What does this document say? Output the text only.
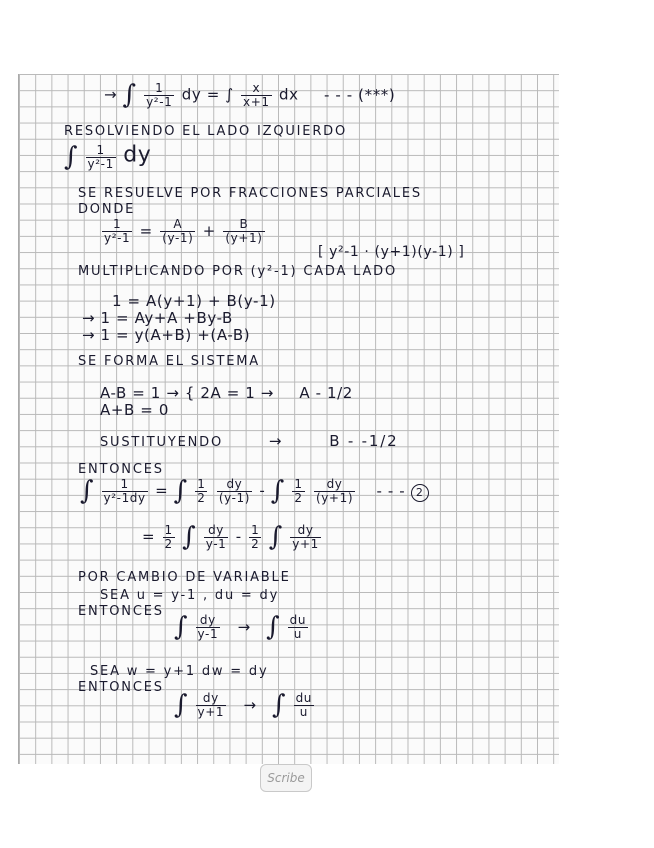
→ ∫ $\frac{1}{\text{y²-1}}$ dy = ∫ $\frac{x}{x+1}$ dx - - - (***)
RESOLVIENDO EL LADO IZQUIERDO
∫ $\frac{1}{\text{y²-1}}$ dy
SE RESUELVE POR FRACCIONES PARCIALES
DONDE
$\frac{1}{\text{y²-1}} = \frac{A}{(y-1)} + \frac{B}{(y+1)}$
[ y²-1 · (y+1)(y-1) ]
MULTIPLICANDO POR (y²-1) CADA LADO
1 = A(y+1) + B(y-1)
→ 1 = Ay+A +By-B
→ 1 = y(A+B) +(A-B)
SE FORMA EL SISTEMA
A-B = 1 → { 2A = 1 → A - 1/2
A+B = 0
SUSTITUYENDO	→	B - -1/2
ENTONCES
∫ $\frac{1}{\text{y²-1dy}}$ = ∫ $\frac{1}{2}$
$\frac{dy}{(y-1)}$ - ∫ $\frac{1}{2}$
$\frac{dy}{(y+1)}$ - - - 2
= $\frac{1}{2}$ ∫ $\frac{dy}{y-1} - \frac{1}{2}$ ∫ $\frac{dy}{y+1}$
POR CAMBIO DE VARIABLE
SEA u = y-1 , du = dy
ENTONCES
∫ $\frac{dy}{y-1}$ → ∫ $\frac{du}{u}$
SEA w = y+1 dw = dy
ENTONCES
∫ $\frac{dy}{y+1}$ → ∫ $\frac{du}{u}$
Scribe
